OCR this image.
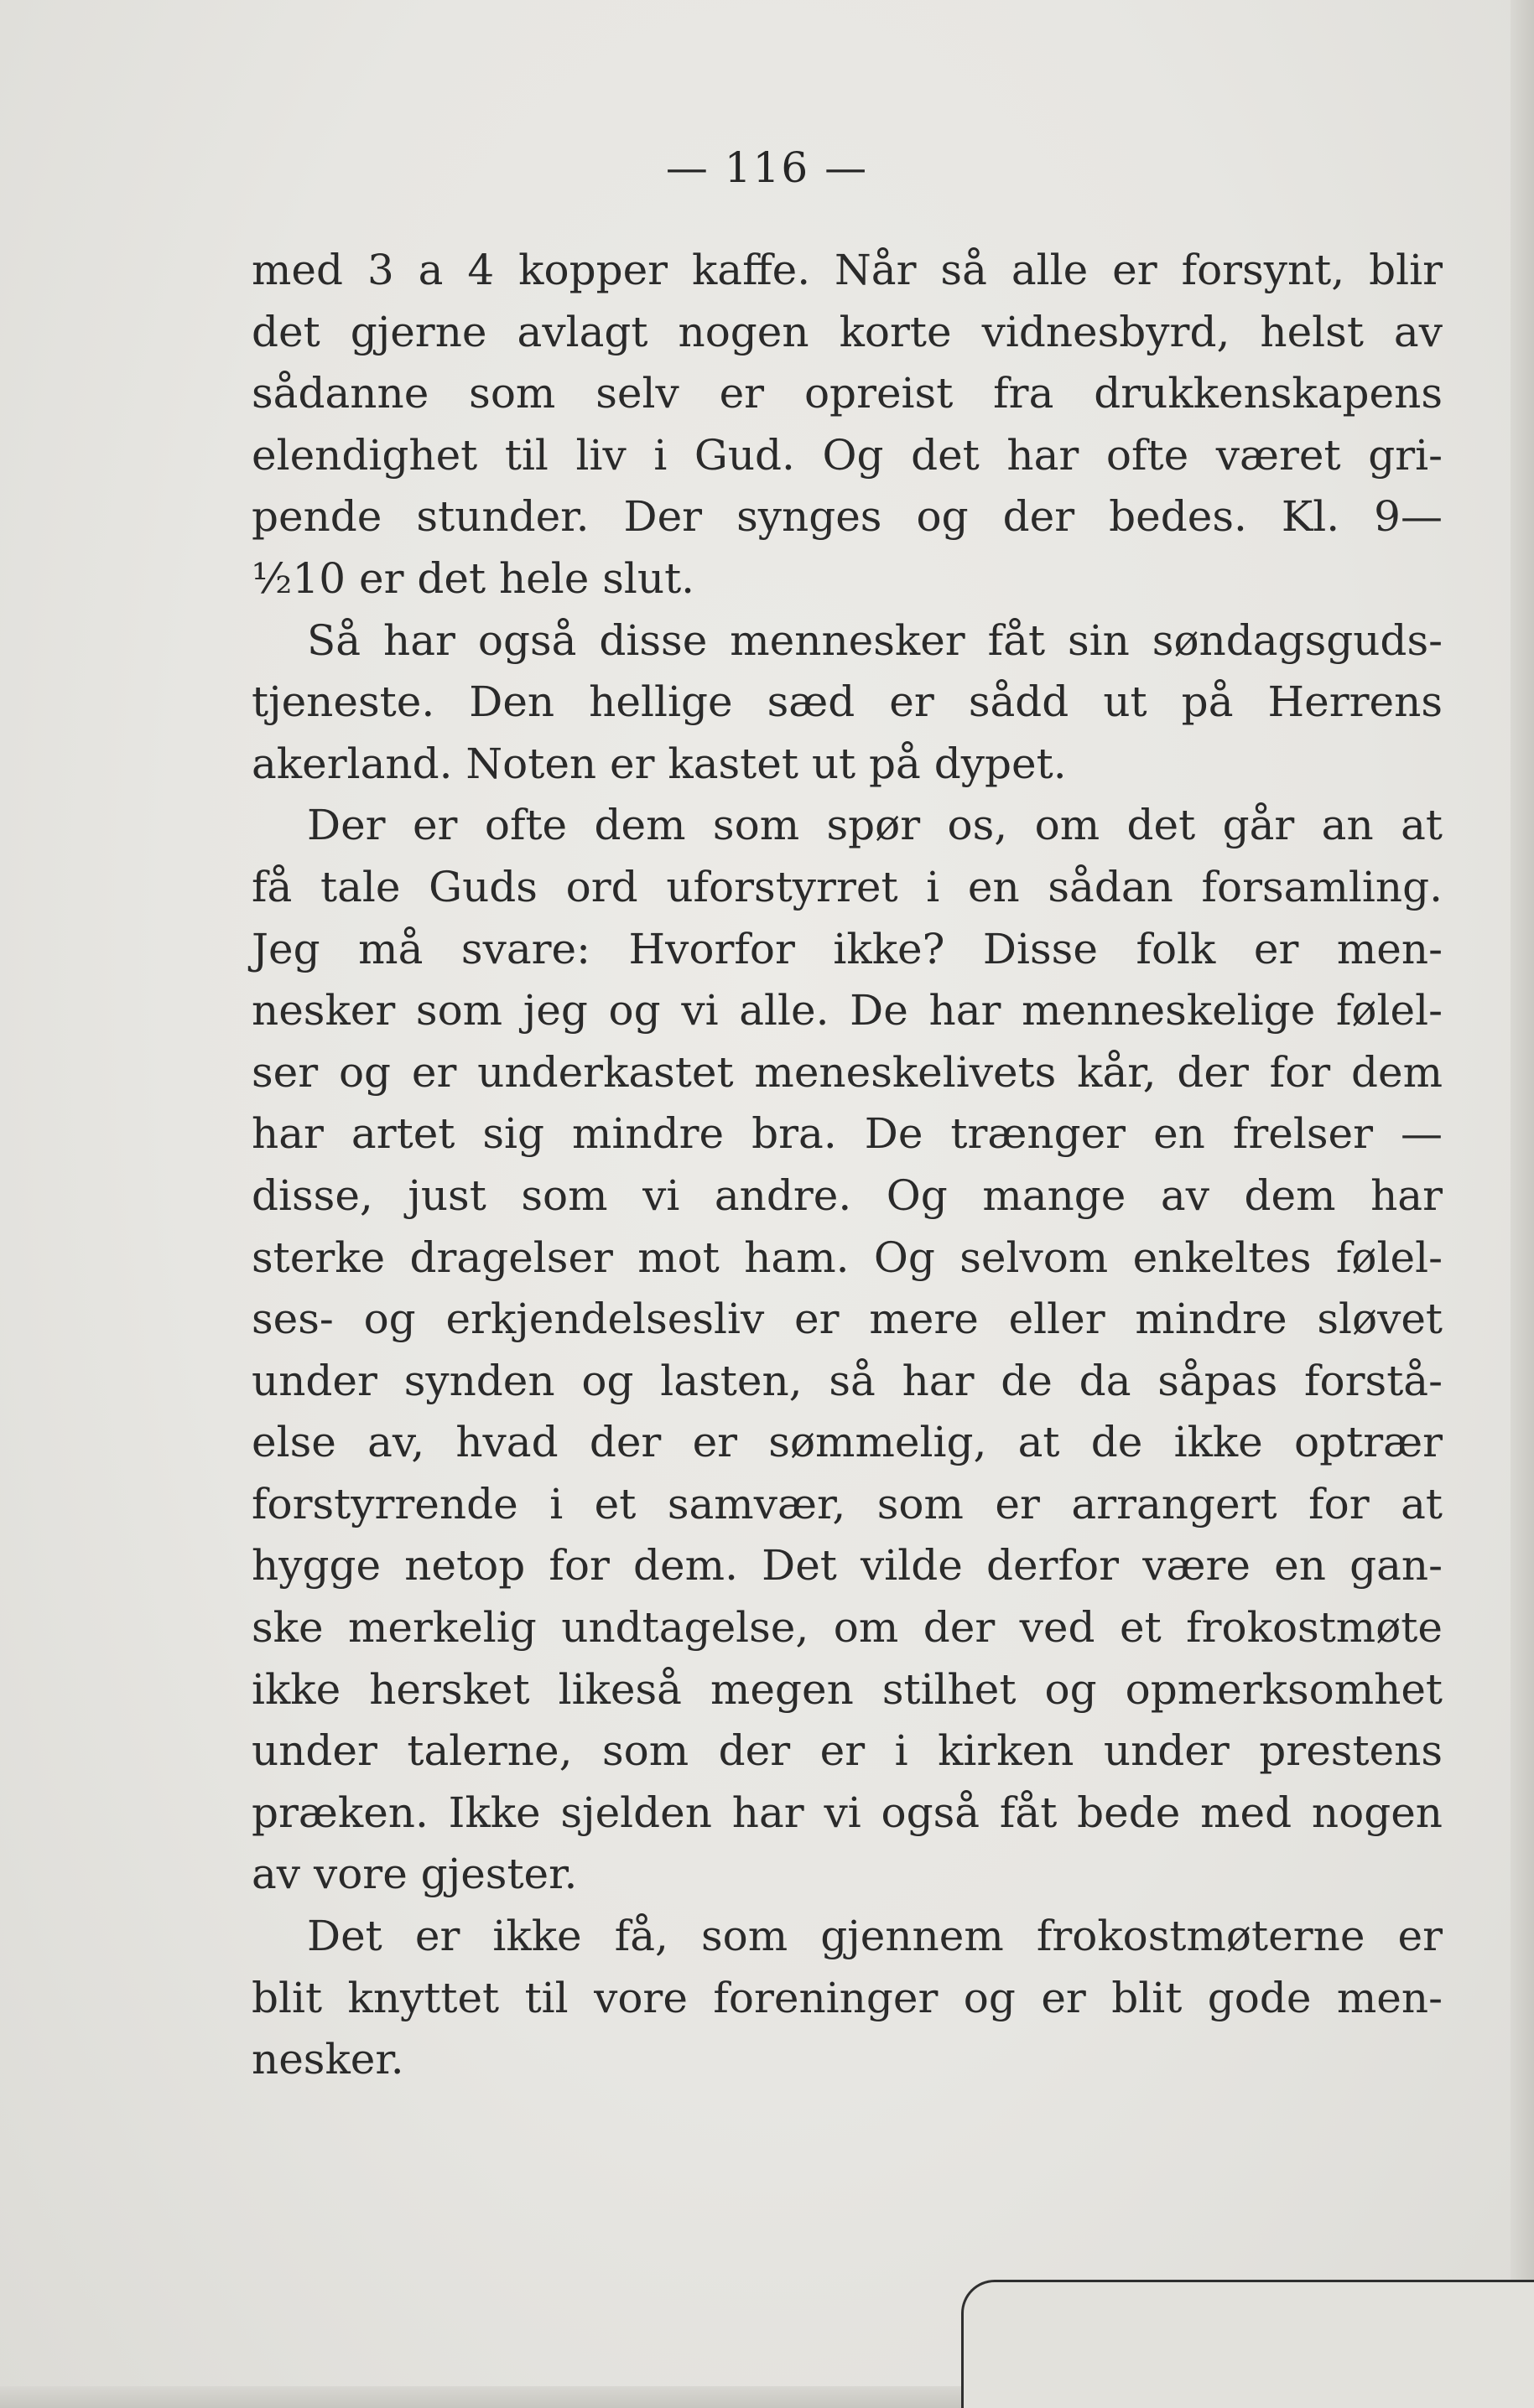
— 116 —
med 3 a 4 kopper kaffe. Når så alle er forsynt, blir
det gjerne avlagt nogen korte vidnesbyrd, helst av
sådanne som selv er opreist fra drukkenskapens
elendighet til liv i Gud. Og det har ofte været gri-
pende stunder. Der synges og der bedes. Kl. 9—
½10 er det hele slut.
Så har også disse mennesker fåt sin søndagsguds-
tjeneste. Den hellige sæd er sådd ut på Herrens
akerland. Noten er kastet ut på dypet.
Der er ofte dem som spør os, om det går an at
få tale Guds ord uforstyrret i en sådan forsamling.
Jeg må svare: Hvorfor ikke? Disse folk er men-
nesker som jeg og vi alle. De har menneskelige følel-
ser og er underkastet meneskelivets kår, der for dem
har artet sig mindre bra. De trænger en frelser —
disse, just som vi andre. Og mange av dem har
sterke dragelser mot ham. Og selvom enkeltes følel-
ses- og erkjendelsesliv er mere eller mindre sløvet
under synden og lasten, så har de da såpas forstå-
else av, hvad der er sømmelig, at de ikke optrær
forstyrrende i et samvær, som er arrangert for at
hygge netop for dem. Det vilde derfor være en gan-
ske merkelig undtagelse, om der ved et frokostmøte
ikke hersket likeså megen stilhet og opmerksomhet
under talerne, som der er i kirken under prestens
præken. Ikke sjelden har vi også fåt bede med nogen
av vore gjester.
Det er ikke få, som gjennem frokostmøterne er
blit knyttet til vore foreninger og er blit gode men-
nesker.
